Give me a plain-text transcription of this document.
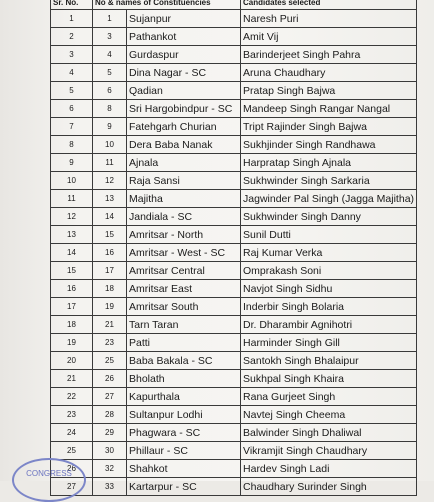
Sr. No.	No & names of Constituencies		Candidates selected
1	1	Sujanpur	Naresh Puri
2	3	Pathankot	Amit Vij
3	4	Gurdaspur	Barinderjeet Singh Pahra
4	5	Dina Nagar - SC	Aruna Chaudhary
5	6	Qadian	Pratap Singh Bajwa
6	8	Sri Hargobindpur - SC	Mandeep Singh Rangar Nangal
7	9	Fatehgarh Churian	Tript Rajinder Singh Bajwa
8	10	Dera Baba Nanak	Sukhjinder Singh Randhawa
9	11	Ajnala	Harpratap Singh Ajnala
10	12	Raja Sansi	Sukhwinder Singh Sarkaria
11	13	Majitha	Jagwinder Pal Singh (Jagga Majitha)
12	14	Jandiala - SC	Sukhwinder Singh Danny
13	15	Amritsar - North	Sunil Dutti
14	16	Amritsar - West - SC	Raj Kumar Verka
15	17	Amritsar Central	Omprakash Soni
16	18	Amritsar East	Navjot Singh Sidhu
17	19	Amritsar South	Inderbir Singh Bolaria
18	21	Tarn Taran	Dr. Dharambir Agnihotri
19	23	Patti	Harminder Singh Gill
20	25	Baba Bakala - SC	Santokh Singh Bhalaipur
21	26	Bholath	Sukhpal Singh Khaira
22	27	Kapurthala	Rana Gurjeet Singh
23	28	Sultanpur Lodhi	Navtej Singh Cheema
24	29	Phagwara - SC	Balwinder Singh Dhaliwal
25	30	Phillaur - SC	Vikramjit Singh Chaudhary
26	32	Shahkot	Hardev Singh Ladi
27	33	Kartarpur - SC	Chaudhary Surinder Singh
CONGRESS
